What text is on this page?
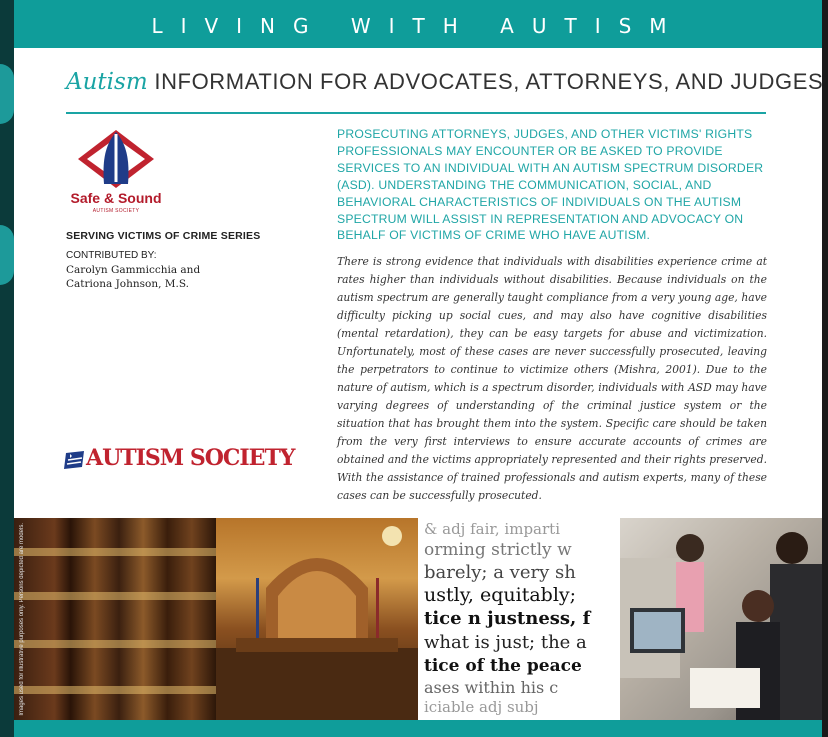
LIVING WITH AUTISM
Autism INFORMATION FOR ADVOCATES, ATTORNEYS, AND JUDGES
Safe & Sound
AUTISM SOCIETY
SERVING VICTIMS OF CRIME SERIES
CONTRIBUTED BY:
Carolyn Gammicchia and
Catriona Johnson, M.S.
PROSECUTING ATTORNEYS, JUDGES, AND OTHER VICTIMS' RIGHTS PROFESSIONALS MAY ENCOUNTER OR BE ASKED TO PROVIDE SERVICES TO AN INDIVIDUAL WITH AN AUTISM SPECTRUM DISORDER (ASD). UNDERSTANDING THE COMMUNICATION, SOCIAL, AND BEHAVIORAL CHARACTERISTICS OF INDIVIDUALS ON THE AUTISM SPECTRUM WILL ASSIST IN REPRESENTATION AND ADVOCACY ON BEHALF OF VICTIMS OF CRIME WHO HAVE AUTISM.
There is strong evidence that individuals with disabilities experience crime at rates higher than individuals without disabilities. Because individuals on the autism spectrum are generally taught compliance from a very young age, have difficulty picking up social cues, and may also have cognitive disabilities (mental retardation), they can be easy targets for abuse and victimization. Unfortunately, most of these cases are never successfully prosecuted, leaving the perpetrators to continue to victimize others (Mishra, 2001). Due to the nature of autism, which is a spectrum disorder, individuals with ASD may have varying degrees of understanding of the criminal justice system or the situation that has brought them into the system. Specific care should be taken from the very first interviews to ensure accurate accounts of crimes are obtained and the victims appropriately represented and their rights preserved. With the assistance of trained professionals and autism experts, many of these cases can be successfully prosecuted.
AUTISM SOCIETY
Images used for illustrative purposes only. Persons depicted are models.	& adj fair, imparti
orming strictly w
barely; a very sh
ustly, equitably;
tice n justness, f
what is just; the a
tice of the peace
ases within his c
iciable adj subj
